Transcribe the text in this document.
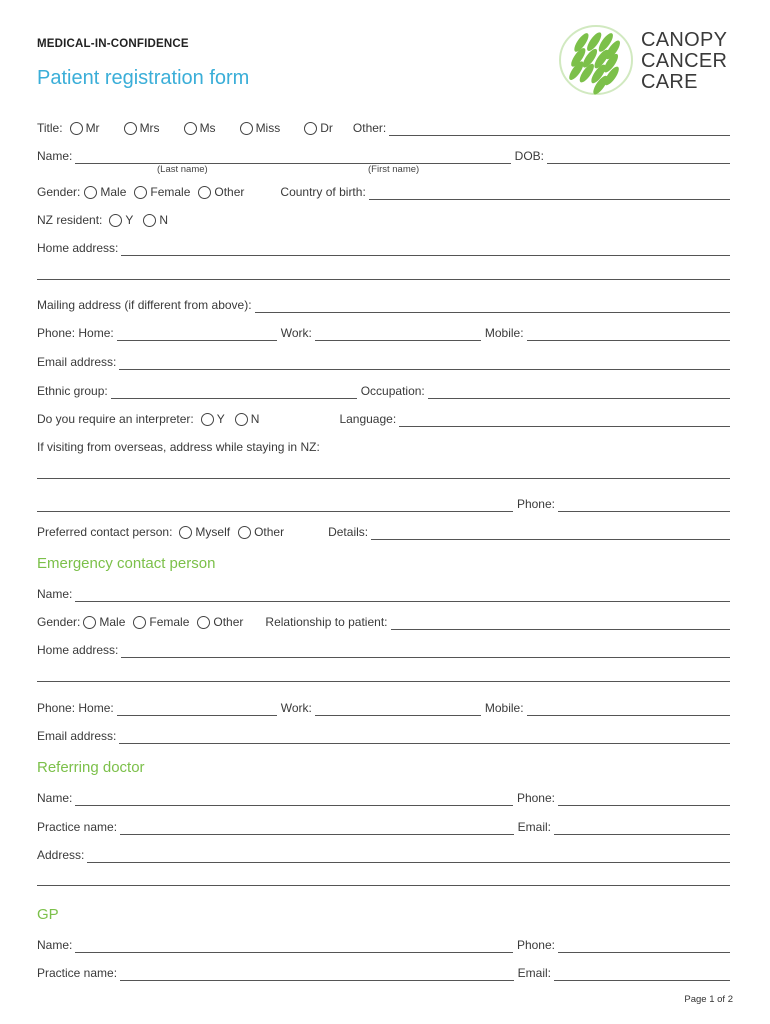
MEDICAL-IN-CONFIDENCE
Patient registration form
CANOPY
CANCER
CARE
Title: Mr	Mrs	Ms	Miss	Dr Other:
Name:	DOB:
(Last name)	(First name)
Gender: Male Female Other	Country of birth:
NZ resident: Y N
Home address:
Mailing address (if different from above):
Phone: Home:	Work:	Mobile:
Email address:
Ethnic group:	Occupation:
Do you require an interpreter: Y N	Language:
If visiting from overseas, address while staying in NZ:
Phone:
Preferred contact person: Myself Other	Details:
Emergency contact person
Name:
Gender: Male Female Other Relationship to patient:
Home address:
Phone: Home:	Work:	Mobile:
Email address:
Referring doctor
Name:	Phone:
Practice name:	Email:
Address:
GP
Name:	Phone:
Practice name:	Email:
Page 1 of 2
